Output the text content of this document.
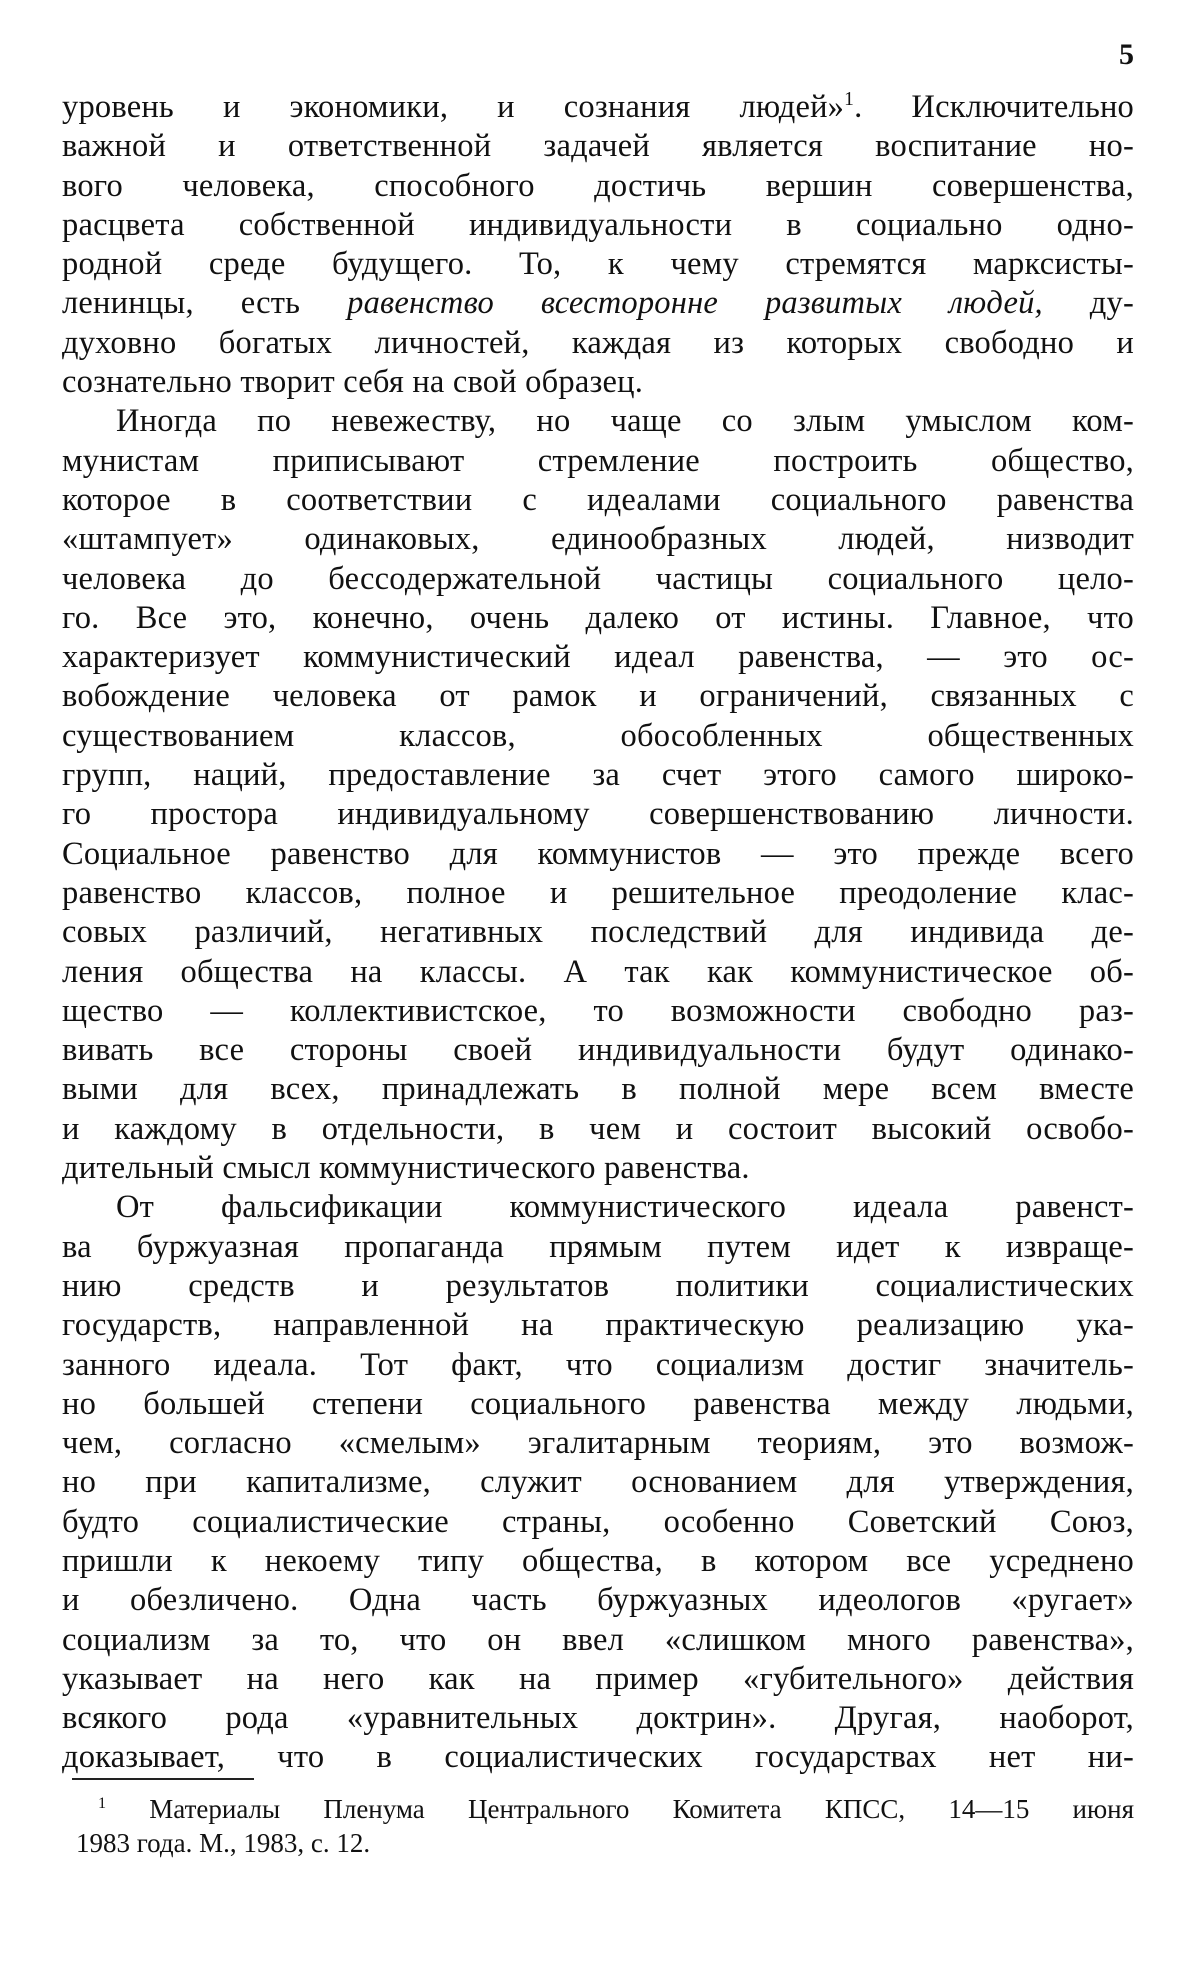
5
уровень и экономики, и сознания людей»$^1$. Исключительно
важной и ответственной задачей является воспитание но-
вого человека, способного достичь вершин совершенства,
расцвета собственной индивидуальности в социально одно-
родной среде будущего. То, к чему стремятся марксисты-
ленинцы, есть равенство всесторонне развитых людей, ду-
духовно богатых личностей, каждая из которых свободно и
сознательно творит себя на свой образец.
Иногда по невежеству, но чаще со злым умыслом ком-
мунистам приписывают стремление построить общество,
которое в соответствии с идеалами социального равенства
«штампует» одинаковых, единообразных людей, низводит
человека до бессодержательной частицы социального цело-
го. Все это, конечно, очень далеко от истины. Главное, что
характеризует коммунистический идеал равенства, — это ос-
вобождение человека от рамок и ограничений, связанных с
существованием классов, обособленных общественных
групп, наций, предоставление за счет этого самого широко-
го простора индивидуальному совершенствованию личности.
Социальное равенство для коммунистов — это прежде всего
равенство классов, полное и решительное преодоление клас-
совых различий, негативных последствий для индивида де-
ления общества на классы. А так как коммунистическое об-
щество — коллективистское, то возможности свободно раз-
вивать все стороны своей индивидуальности будут одинако-
выми для всех, принадлежать в полной мере всем вместе
и каждому в отдельности, в чем и состоит высокий освобо-
дительный смысл коммунистического равенства.
От фальсификации коммунистического идеала равенст-
ва буржуазная пропаганда прямым путем идет к извраще-
нию средств и результатов политики социалистических
государств, направленной на практическую реализацию ука-
занного идеала. Тот факт, что социализм достиг значитель-
но большей степени социального равенства между людьми,
чем, согласно «смелым» эгалитарным теориям, это возмож-
но при капитализме, служит основанием для утверждения,
будто социалистические страны, особенно Советский Союз,
пришли к некоему типу общества, в котором все усреднено
и обезличено. Одна часть буржуазных идеологов «ругает»
социализм за то, что он ввел «слишком много равенства»,
указывает на него как на пример «губительного» действия
всякого рода «уравнительных доктрин». Другая, наоборот,
доказывает, что в социалистических государствах нет ни-
$^1$ Материалы Пленума Центрального Комитета КПСС, 14—15 июня
1983 года. М., 1983, с. 12.
